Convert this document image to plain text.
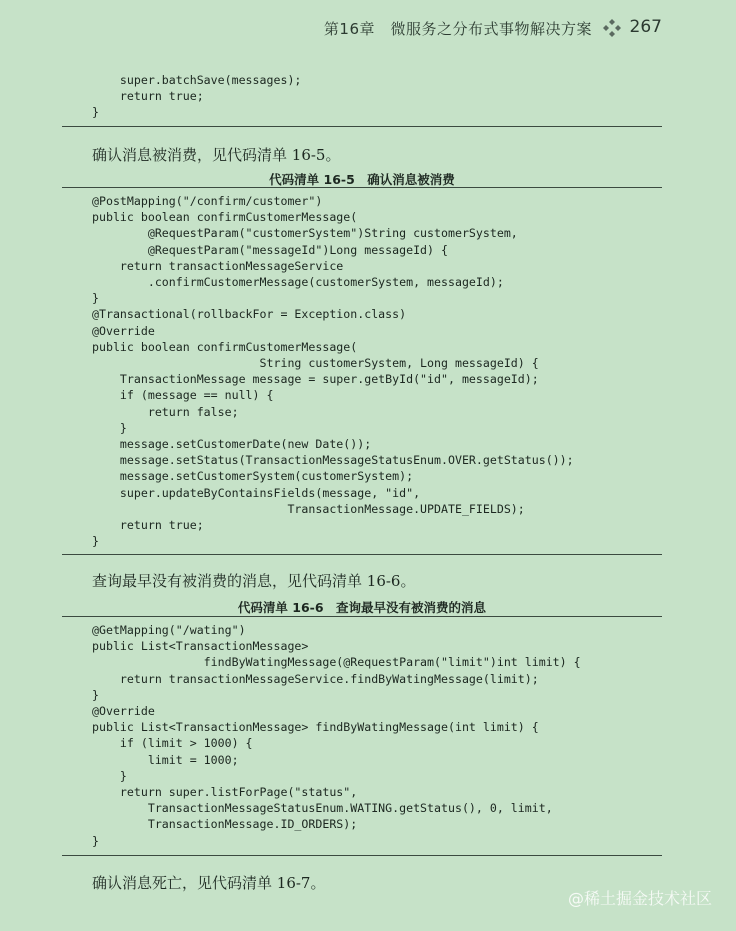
第16章　微服务之分布式事物解决方案 267
super.batchSave(messages);
return true;
}
确认消息被消费，见代码清单 16-5。
代码清单 16-5　确认消息被消费
@PostMapping("/confirm/customer")
public boolean confirmCustomerMessage(
@RequestParam("customerSystem")String customerSystem,
@RequestParam("messageId")Long messageId) {
return transactionMessageService
.confirmCustomerMessage(customerSystem, messageId);
}
@Transactional(rollbackFor = Exception.class)
@Override
public boolean confirmCustomerMessage(
String customerSystem, Long messageId) {
TransactionMessage message = super.getById("id", messageId);
if (message == null) {
return false;
}
message.setCustomerDate(new Date());
message.setStatus(TransactionMessageStatusEnum.OVER.getStatus());
message.setCustomerSystem(customerSystem);
super.updateByContainsFields(message, "id",
TransactionMessage.UPDATE_FIELDS);
return true;
}
查询最早没有被消费的消息，见代码清单 16-6。
代码清单 16-6　查询最早没有被消费的消息
@GetMapping("/wating")
public List<TransactionMessage>
findByWatingMessage(@RequestParam("limit")int limit) {
return transactionMessageService.findByWatingMessage(limit);
}
@Override
public List<TransactionMessage> findByWatingMessage(int limit) {
if (limit > 1000) {
limit = 1000;
}
return super.listForPage("status",
TransactionMessageStatusEnum.WATING.getStatus(), 0, limit,
TransactionMessage.ID_ORDERS);
}
确认消息死亡，见代码清单 16-7。
@稀土掘金技术社区
